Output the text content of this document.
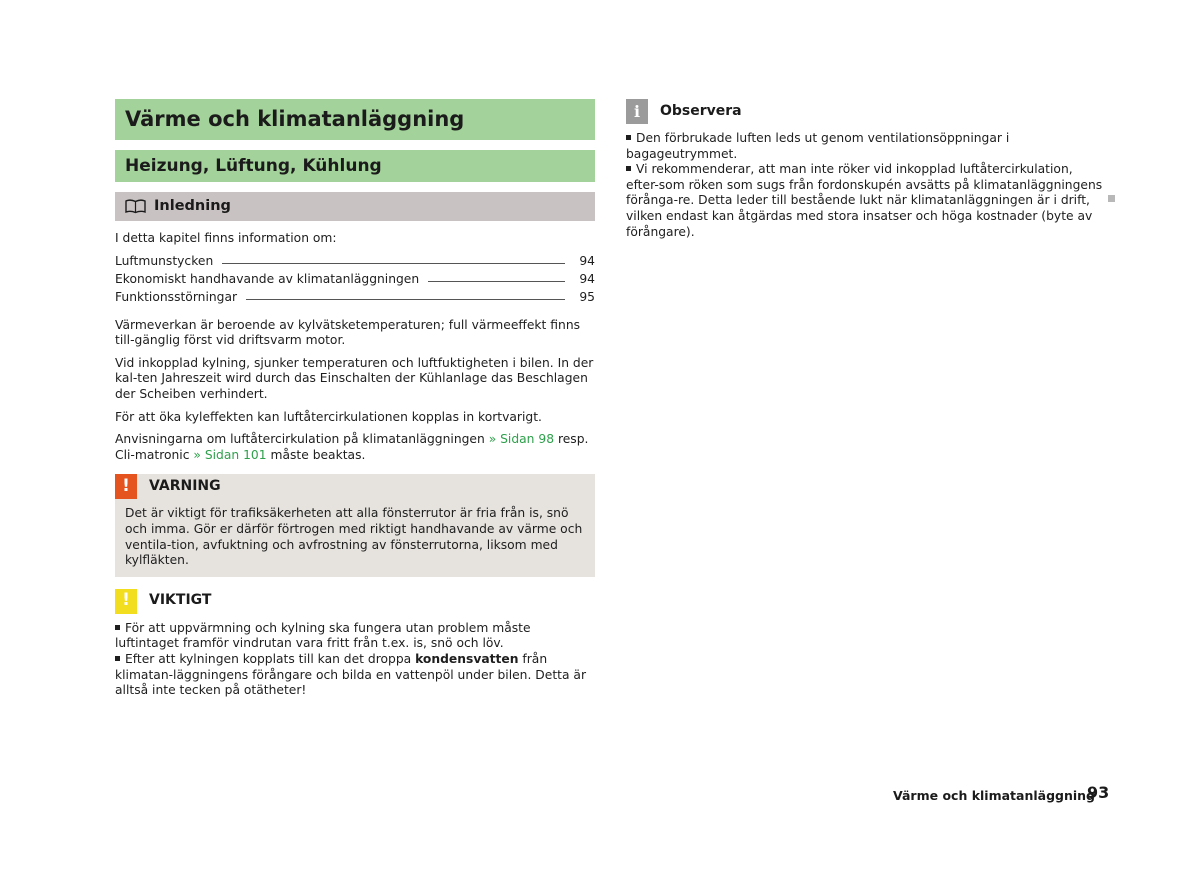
Värme och klimatanläggning
Heizung, Lüftung, Kühlung
Inledning

I detta kapitel finns information om:

Luftmunstycken	94
Ekonomiskt handhavande av klimatanläggningen	94
Funktionsstörningar	95

Värmeverkan är beroende av kylvätsketemperaturen; full värmeeffekt finns till-gänglig först vid driftsvarm motor.

Vid inkopplad kylning, sjunker temperaturen och luftfuktigheten i bilen. In der kal-ten Jahreszeit wird durch das Einschalten der Kühlanlage das Beschlagen der Scheiben verhindert.

För att öka kyleffekten kan luftåtercirkulationen kopplas in kortvarigt.

Anvisningarna om luftåtercirkulation på klimatanläggningen » Sidan 98 resp. Cli-matronic » Sidan 101 måste beaktas.

!	VARNING

Det är viktigt för trafiksäkerheten att alla fönsterrutor är fria från is, snö och imma. Gör er därför förtrogen med riktigt handhavande av värme och ventila-tion, avfuktning och avfrostning av fönsterrutorna, liksom med kylfläkten.

!	VIKTIGT

För att uppvärmning och kylning ska fungera utan problem måste luftintaget framför vindrutan vara fritt från t.ex. is, snö och löv.

Efter att kylningen kopplats till kan det droppa kondensvatten från klimatan-läggningens förångare och bilda en vattenpöl under bilen. Detta är alltså inte tecken på otätheter!

i	Observera

Den förbrukade luften leds ut genom ventilationsöppningar i bagageutrymmet.

Vi rekommenderar, att man inte röker vid inkopplad luftåtercirkulation, efter-som röken som sugs från fordonskupén avsätts på klimatanläggningens förånga-re. Detta leder till bestående lukt när klimatanläggningen är i drift, vilken endast kan åtgärdas med stora insatser och höga kostnader (byte av förångare).

Värme och klimatanläggning
93
